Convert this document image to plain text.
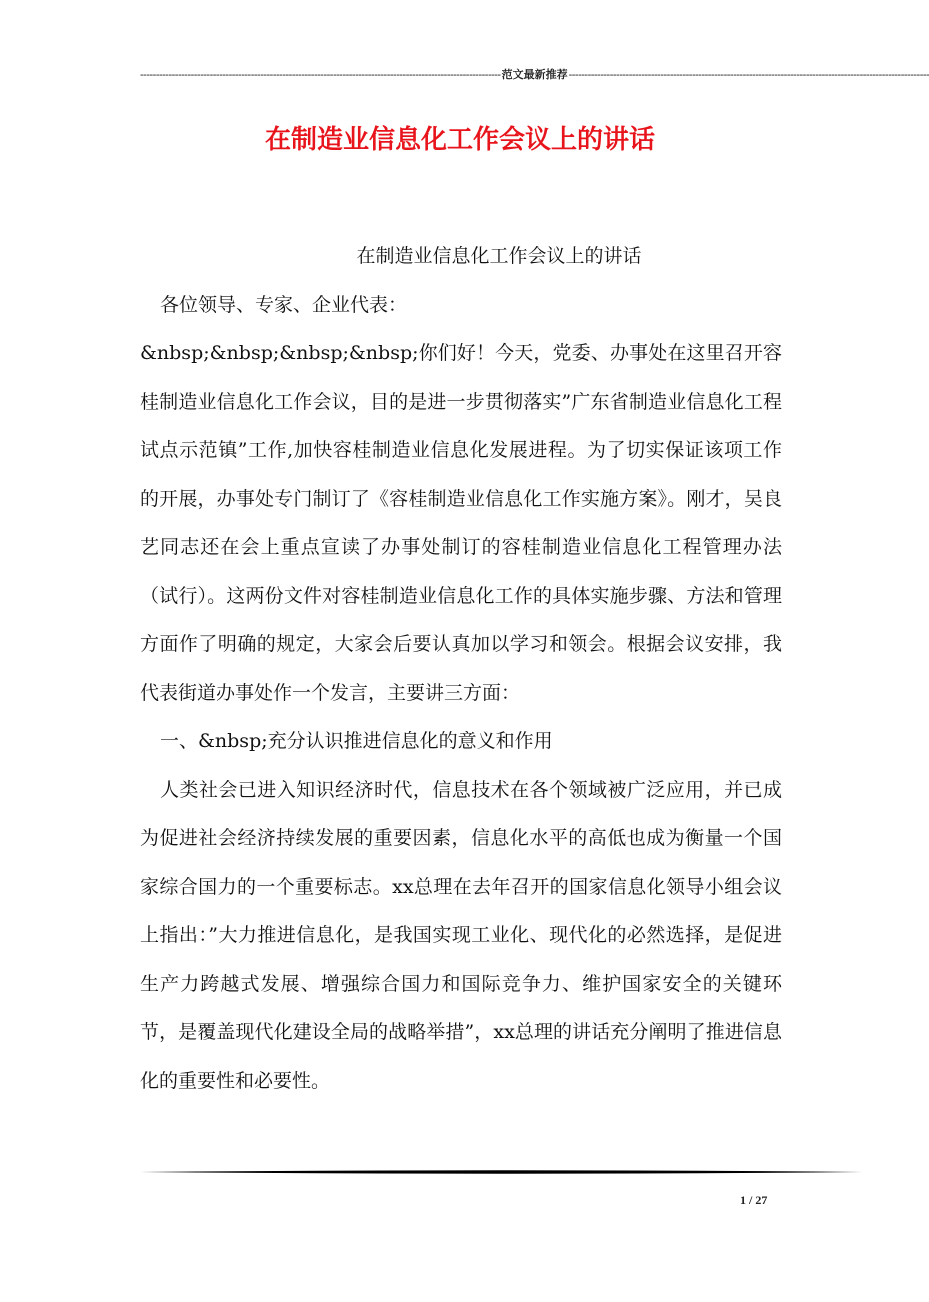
------------------------------------------------------------------------------------------------------------------ 范文最新推荐 ------------------------------------------------------------------------------------------------------------------
在制造业信息化工作会议上的讲话

在制造业信息化工作会议上的讲话

各位领导、专家、企业代表：

&nbsp;&nbsp;&nbsp;&nbsp;你们好！今天，党委、办事处在这里召开容桂制造业信息化工作会议，目的是进一步贯彻落实”广东省制造业信息化工程试点示范镇”工作,加快容桂制造业信息化发展进程。为了切实保证该项工作的开展，办事处专门制订了《容桂制造业信息化工作实施方案》。刚才，吴良艺同志还在会上重点宣读了办事处制订的容桂制造业信息化工程管理办法（试行）。这两份文件对容桂制造业信息化工作的具体实施步骤、方法和管理方面作了明确的规定，大家会后要认真加以学习和领会。根据会议安排，我代表街道办事处作一个发言，主要讲三方面：

一、&nbsp;充分认识推进信息化的意义和作用

人类社会已进入知识经济时代，信息技术在各个领域被广泛应用，并已成为促进社会经济持续发展的重要因素，信息化水平的高低也成为衡量一个国家综合国力的一个重要标志。xx总理在去年召开的国家信息化领导小组会议上指出：”大力推进信息化，是我国实现工业化、现代化的必然选择，是促进生产力跨越式发展、增强综合国力和国际竞争力、维护国家安全的关键环节，是覆盖现代化建设全局的战略举措”，xx总理的讲话充分阐明了推进信息化的重要性和必要性。

1 / 27
